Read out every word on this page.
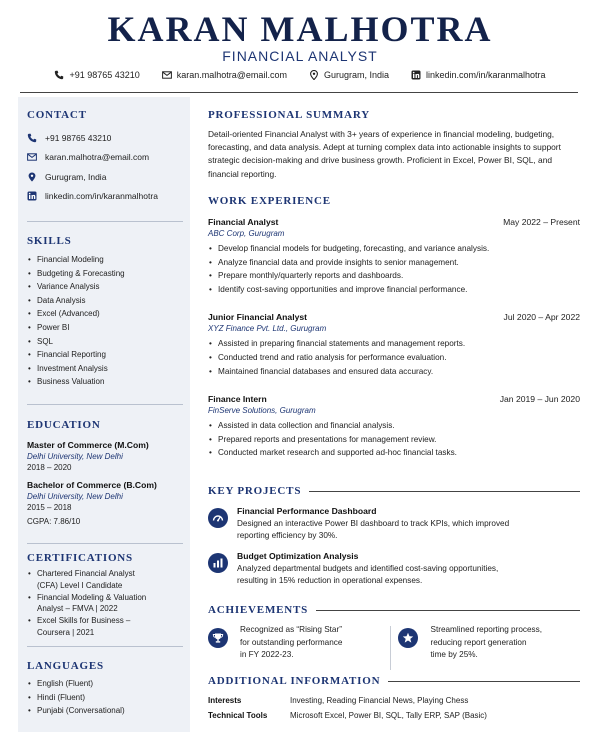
KARAN MALHOTRA
FINANCIAL ANALYST
+91 98765 43210	karan.malhotra@email.com	Gurugram, India	linkedin.com/in/karanmalhotra
CONTACT
+91 98765 43210
karan.malhotra@email.com
Gurugram, India
linkedin.com/in/karanmalhotra
SKILLS
• Financial Modeling
• Budgeting & Forecasting
• Variance Analysis
• Data Analysis
• Excel (Advanced)
• Power BI
• SQL
• Financial Reporting
• Investment Analysis
• Business Valuation
EDUCATION
Master of Commerce (M.Com)
Delhi University, New Delhi
2018 – 2020
Bachelor of Commerce (B.Com)
Delhi University, New Delhi
2015 – 2018
CGPA: 7.86/10
CERTIFICATIONS
• Chartered Financial Analyst
(CFA) Level I Candidate
• Financial Modeling & Valuation
Analyst – FMVA | 2022
• Excel Skills for Business –
Coursera | 2021
LANGUAGES
• English (Fluent)
• Hindi (Fluent)
• Punjabi (Conversational)
PROFESSIONAL SUMMARY
Detail-oriented Financial Analyst with 3+ years of experience in financial modeling, budgeting, forecasting, and data analysis. Adept at turning complex data into actionable insights to support strategic decision-making and drive business growth. Proficient in Excel, Power BI, SQL, and financial reporting.
WORK EXPERIENCE
Financial Analyst	May 2022 – Present
ABC Corp, Gurugram
• Develop financial models for budgeting, forecasting, and variance analysis.
• Analyze financial data and provide insights to senior management.
• Prepare monthly/quarterly reports and dashboards.
• Identify cost-saving opportunities and improve financial performance.
Junior Financial Analyst	Jul 2020 – Apr 2022
XYZ Finance Pvt. Ltd., Gurugram
• Assisted in preparing financial statements and management reports.
• Conducted trend and ratio analysis for performance evaluation.
• Maintained financial databases and ensured data accuracy.
Finance Intern	Jan 2019 – Jun 2020
FinServe Solutions, Gurugram
• Assisted in data collection and financial analysis.
• Prepared reports and presentations for management review.
• Conducted market research and supported ad-hoc financial tasks.
KEY PROJECTS
Financial Performance Dashboard
Designed an interactive Power BI dashboard to track KPIs, which improved
reporting efficiency by 30%.
Budget Optimization Analysis
Analyzed departmental budgets and identified cost-saving opportunities,
resulting in 15% reduction in operational expenses.
ACHIEVEMENTS
Recognized as “Rising Star”
for outstanding performance
in FY 2022-23.
Streamlined reporting process,
reducing report generation
time by 25%.
ADDITIONAL INFORMATION
Interests	Investing, Reading Financial News, Playing Chess
Technical Tools	Microsoft Excel, Power BI, SQL, Tally ERP, SAP (Basic)
